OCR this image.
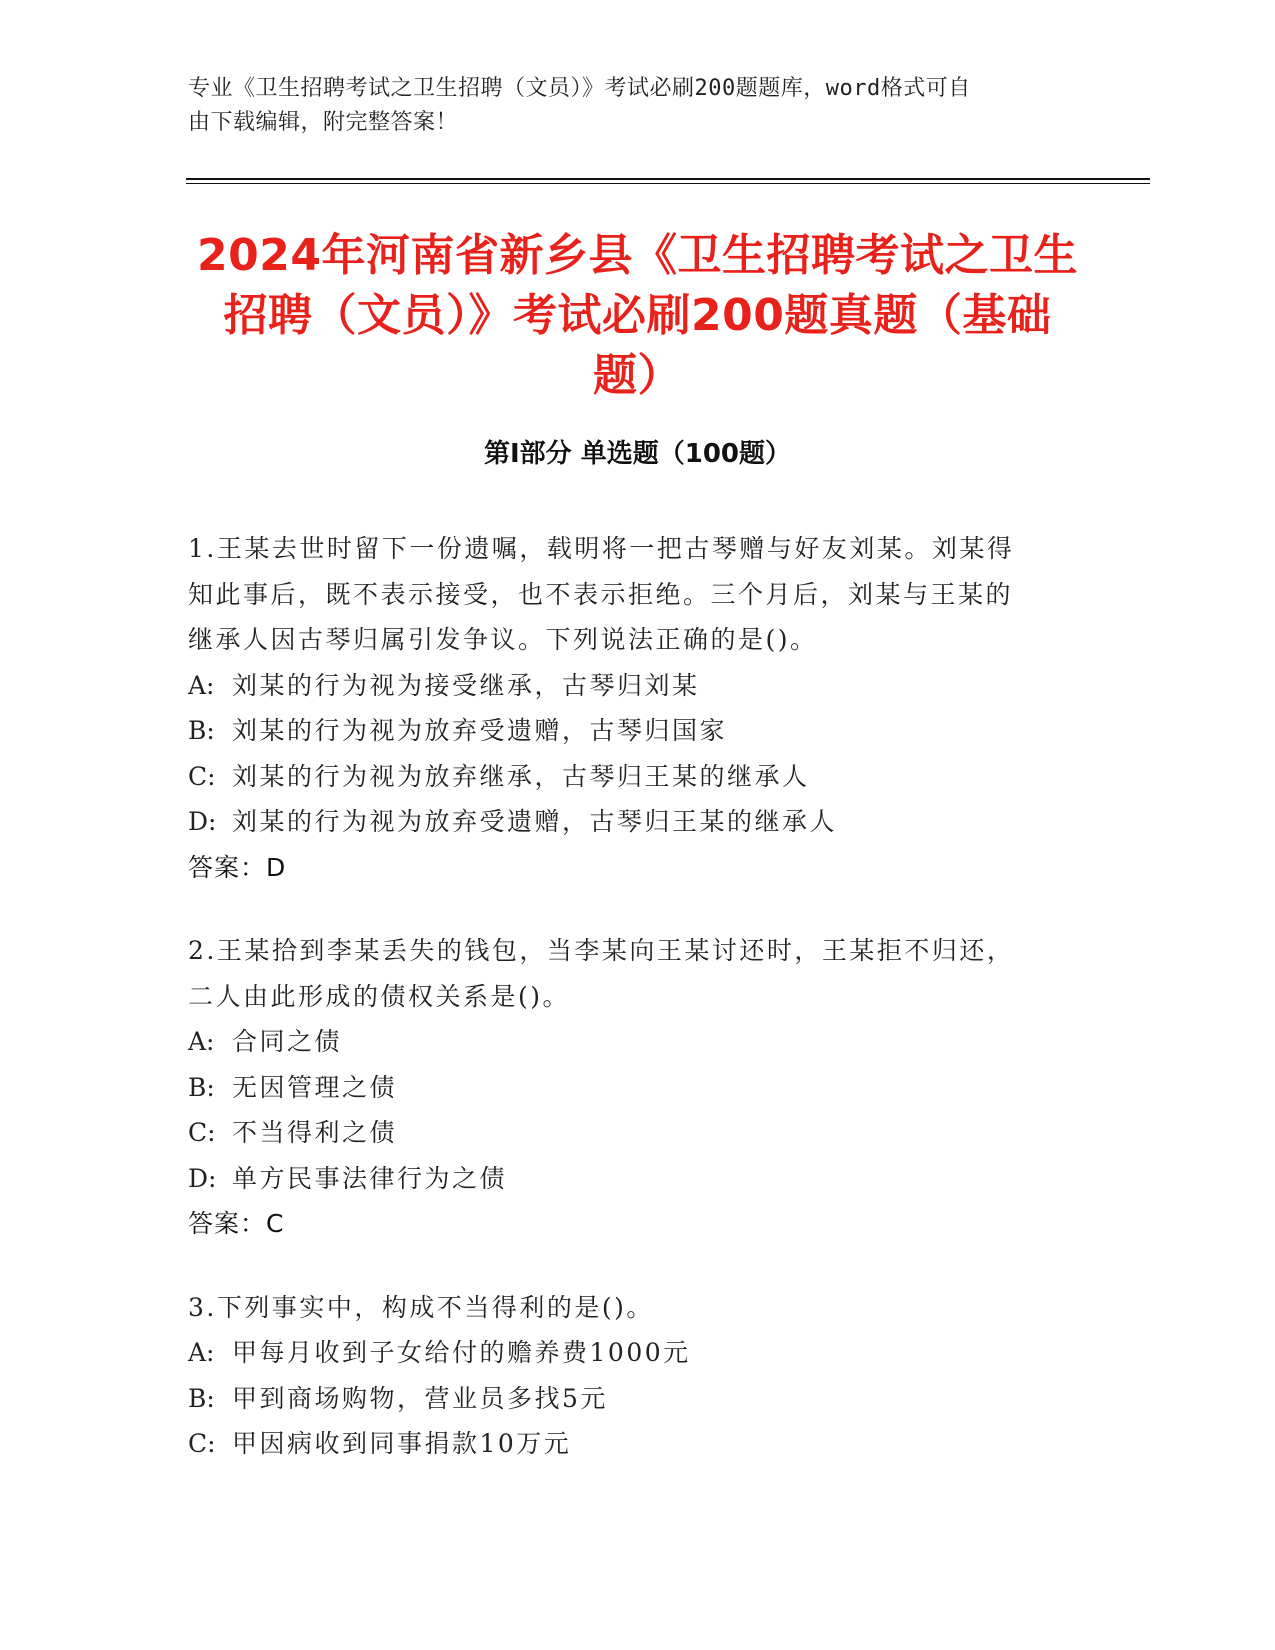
专业《卫生招聘考试之卫生招聘（文员）》考试必刷200题题库，word格式可自
由下载编辑，附完整答案！
2024年河南省新乡县《卫生招聘考试之卫生
招聘（文员）》考试必刷200题真题（基础
题）
第Ⅰ部分 单选题（100题）

1.王某去世时留下一份遗嘱，载明将一把古琴赠与好友刘某。刘某得

知此事后，既不表示接受，也不表示拒绝。三个月后，刘某与王某的

继承人因古琴归属引发争议。下列说法正确的是()。

A: 刘某的行为视为接受继承，古琴归刘某

B: 刘某的行为视为放弃受遗赠，古琴归国家

C: 刘某的行为视为放弃继承，古琴归王某的继承人

D: 刘某的行为视为放弃受遗赠，古琴归王某的继承人

答案：D

2.王某拾到李某丢失的钱包，当李某向王某讨还时，王某拒不归还，

二人由此形成的债权关系是()。

A: 合同之债

B: 无因管理之债

C: 不当得利之债

D: 单方民事法律行为之债

答案：C

3.下列事实中，构成不当得利的是()。

A: 甲每月收到子女给付的赡养费1000元

B: 甲到商场购物，营业员多找5元

C: 甲因病收到同事捐款10万元
